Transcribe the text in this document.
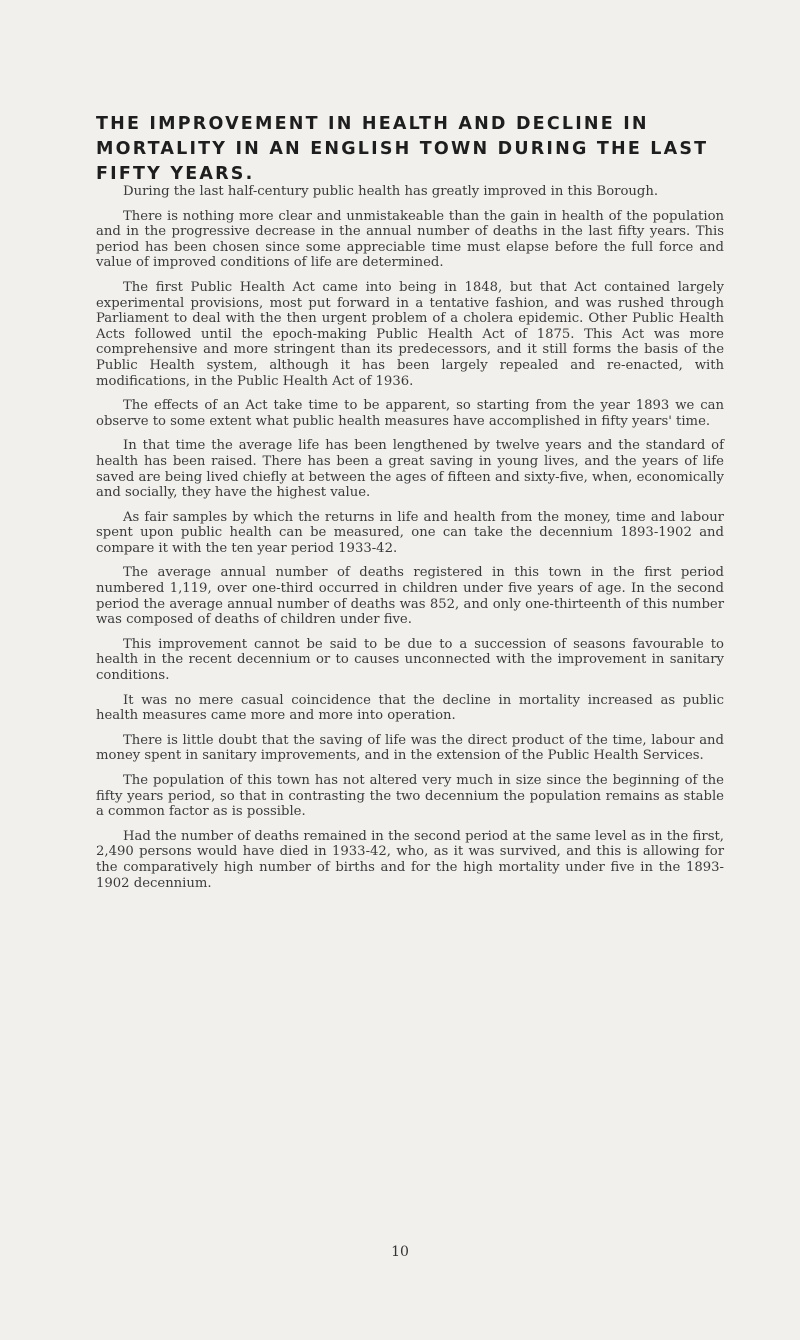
THE IMPROVEMENT IN HEALTH AND DECLINE IN MORTALITY IN AN ENGLISH TOWN DURING THE LAST FIFTY YEARS.

During the last half-century public health has greatly improved in this Borough.

There is nothing more clear and unmistakeable than the gain in health of the population and in the progressive decrease in the annual number of deaths in the last fifty years. This period has been chosen since some appreciable time must elapse before the full force and value of improved conditions of life are determined.

The first Public Health Act came into being in 1848, but that Act contained largely experimental provisions, most put forward in a tentative fashion, and was rushed through Parliament to deal with the then urgent problem of a cholera epidemic. Other Public Health Acts followed until the epoch-making Public Health Act of 1875. This Act was more comprehensive and more stringent than its predecessors, and it still forms the basis of the Public Health system, although it has been largely repealed and re-enacted, with modifications, in the Public Health Act of 1936.

The effects of an Act take time to be apparent, so starting from the year 1893 we can observe to some extent what public health measures have accomplished in fifty years' time.

In that time the average life has been lengthened by twelve years and the standard of health has been raised. There has been a great saving in young lives, and the years of life saved are being lived chiefly at between the ages of fifteen and sixty-five, when, economically and socially, they have the highest value.

As fair samples by which the returns in life and health from the money, time and labour spent upon public health can be measured, one can take the decennium 1893-1902 and compare it with the ten year period 1933-42.

The average annual number of deaths registered in this town in the first period numbered 1,119, over one-third occurred in children under five years of age. In the second period the average annual number of deaths was 852, and only one-thirteenth of this number was composed of deaths of children under five.

This improvement cannot be said to be due to a succession of seasons favourable to health in the recent decennium or to causes unconnected with the improvement in sanitary conditions.

It was no mere casual coincidence that the decline in mortality increased as public health measures came more and more into operation.

There is little doubt that the saving of life was the direct product of the time, labour and money spent in sanitary improvements, and in the extension of the Public Health Services.

The population of this town has not altered very much in size since the beginning of the fifty years period, so that in contrasting the two decennium the population remains as stable a common factor as is possible.

Had the number of deaths remained in the second period at the same level as in the first, 2,490 persons would have died in 1933-42, who, as it was survived, and this is allowing for the comparatively high number of births and for the high mortality under five in the 1893-1902 decennium.

10
